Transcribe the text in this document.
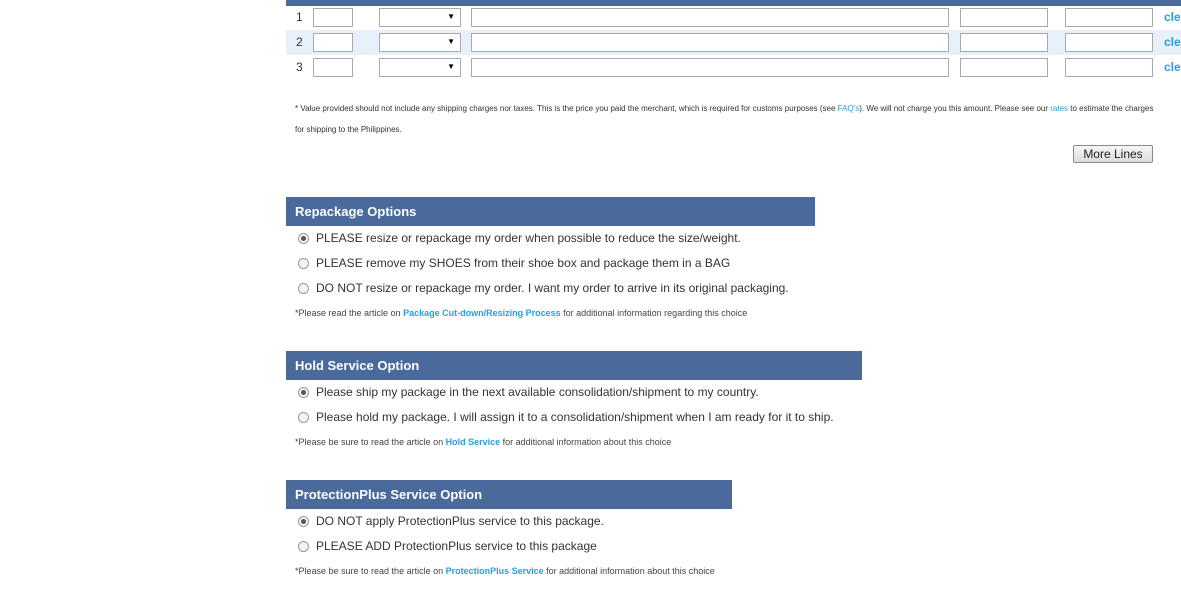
1	▼	cle
2	▼	cle
3	▼	cle
* Value provided should not include any shipping charges nor taxes. This is the price you paid the merchant, which is required for customs purposes (see FAQ's). We will not charge you this amount. Please see our rates to estimate the charges for shipping to the Philippines.
More Lines
Repackage Options
PLEASE resize or repackage my order when possible to reduce the size/weight.
PLEASE remove my SHOES from their shoe box and package them in a BAG
DO NOT resize or repackage my order. I want my order to arrive in its original packaging.
*Please read the article on Package Cut-down/Resizing Process for additional information regarding this choice
Hold Service Option
Please ship my package in the next available consolidation/shipment to my country.
Please hold my package. I will assign it to a consolidation/shipment when I am ready for it to ship.
*Please be sure to read the article on Hold Service for additional information about this choice
ProtectionPlus Service Option
DO NOT apply ProtectionPlus service to this package.
PLEASE ADD ProtectionPlus service to this package
*Please be sure to read the article on ProtectionPlus Service for additional information about this choice
